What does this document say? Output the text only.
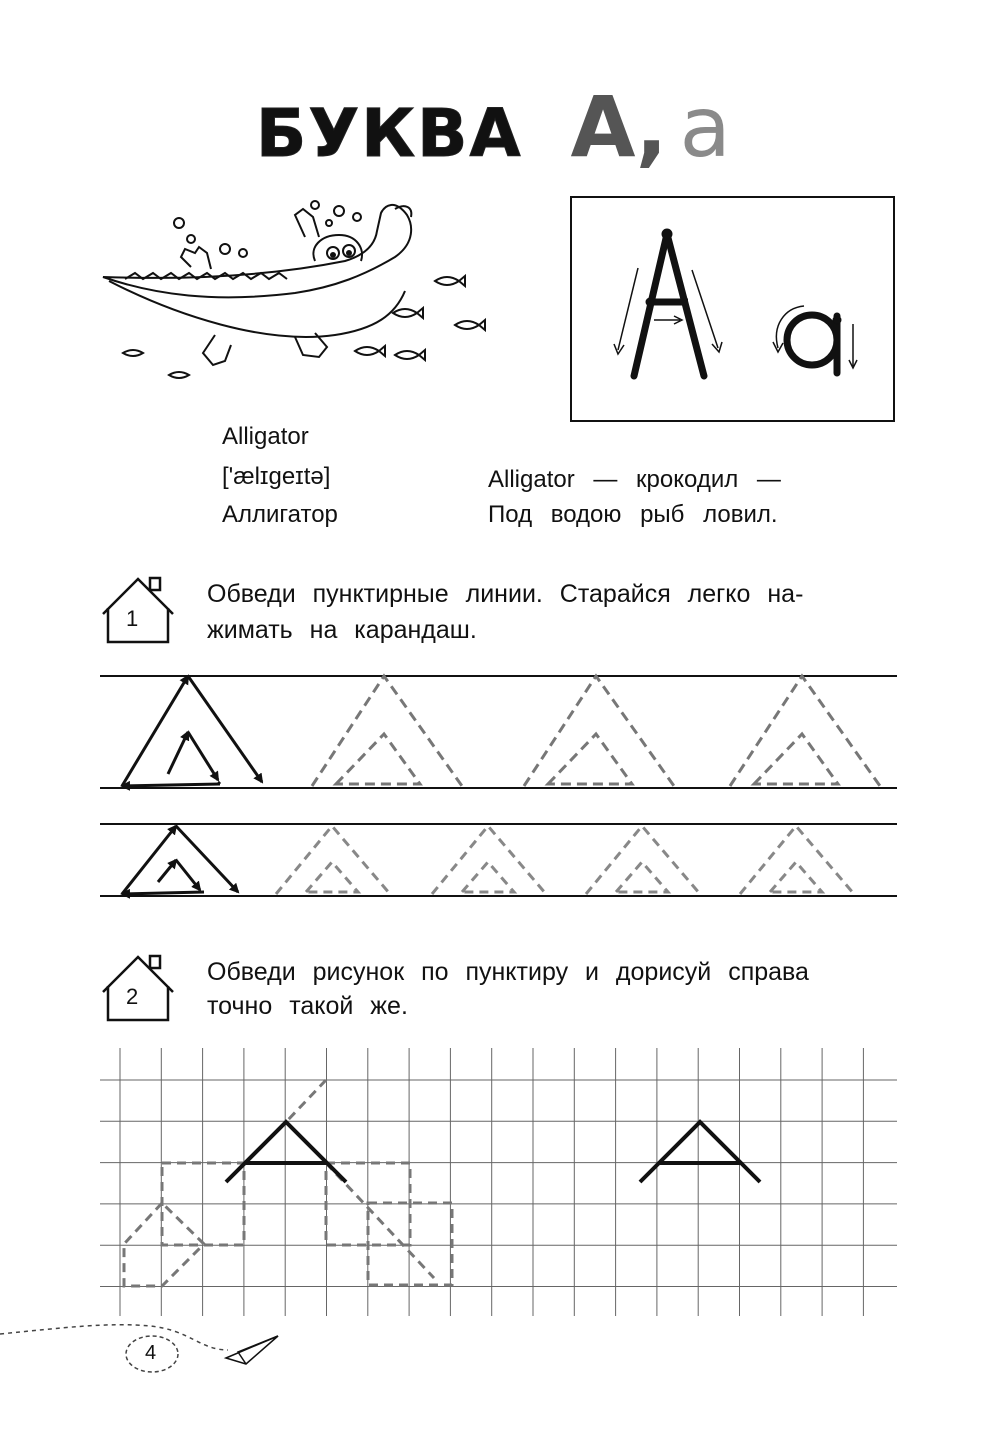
БУКВА А, а
Alligator
[ʹælɪgeɪtə]
Аллигатор
Alligator — крокодил —
Под водою рыб ловил.
1
Обведи пунктирные линии. Старайся легко на-
жимать на карандаш.
2
Обведи рисунок по пунктиру и дорисуй справа
точно такой же.
4
